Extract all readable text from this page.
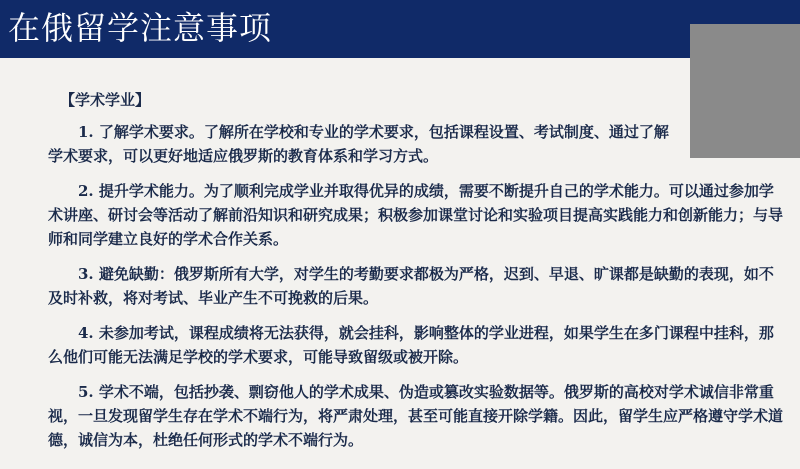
在俄留学注意事项
【学术学业】

1. 了解学术要求。了解所在学校和专业的学术要求，包括课程设置、考试制度、通过了解学术要求，可以更好地适应俄罗斯的教育体系和学习方式。

2. 提升学术能力。为了顺利完成学业并取得优异的成绩，需要不断提升自己的学术能力。可以通过参加学术讲座、研讨会等活动了解前沿知识和研究成果；积极参加课堂讨论和实验项目提高实践能力和创新能力；与导师和同学建立良好的学术合作关系。

3. 避免缺勤：俄罗斯所有大学，对学生的考勤要求都极为严格，迟到、早退、旷课都是缺勤的表现，如不及时补救，将对考试、毕业产生不可挽救的后果。

4. 未参加考试，课程成绩将无法获得，就会挂科，影响整体的学业进程，如果学生在多门课程中挂科，那么他们可能无法满足学校的学术要求，可能导致留级或被开除。

5. 学术不端，包括抄袭、剽窃他人的学术成果、伪造或篡改实验数据等。俄罗斯的高校对学术诚信非常重视，一旦发现留学生存在学术不端行为，将严肃处理，甚至可能直接开除学籍。因此，留学生应严格遵守学术道德，诚信为本，杜绝任何形式的学术不端行为。
